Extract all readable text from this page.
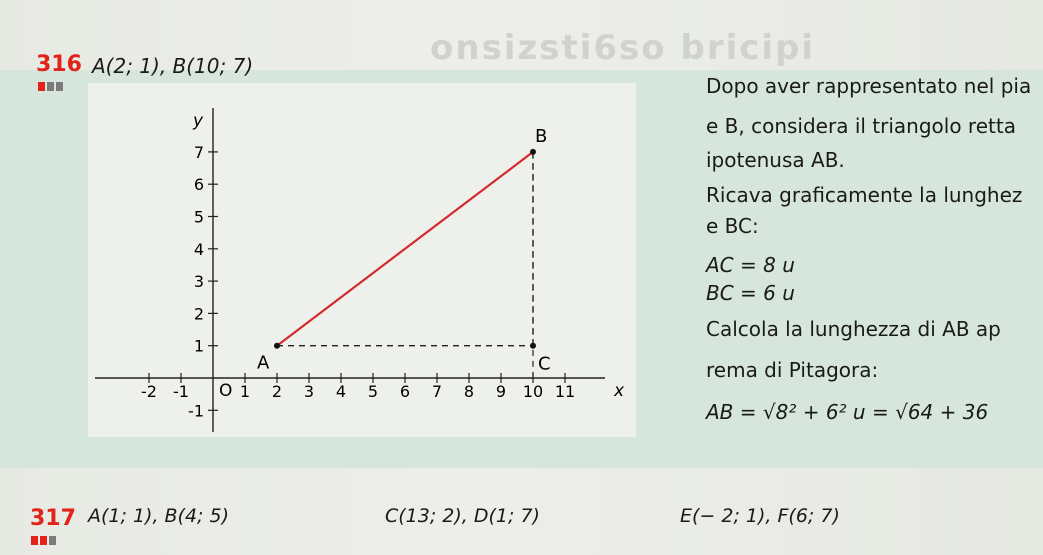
onsizsti6so bricipi
316 A(2; 1), B(10; 7)
x
y
O
-2 -1	1 2 3 4 5 6 7 8 9 10 11
-1
1
2
3
4
5
6
7
A
B
C
Dopo aver rappresentato nel pia
e B, considera il triangolo retta
ipotenusa AB.
Ricava graficamente la lunghez
e BC:
AC = 8 u
BC = 6 u
Calcola la lunghezza di AB ap
rema di Pitagora:
AB = √8² + 6² u = √64 + 36
317 A(1; 1), B(4; 5)	C(13; 2), D(1; 7)	E(− 2; 1), F(6; 7)
